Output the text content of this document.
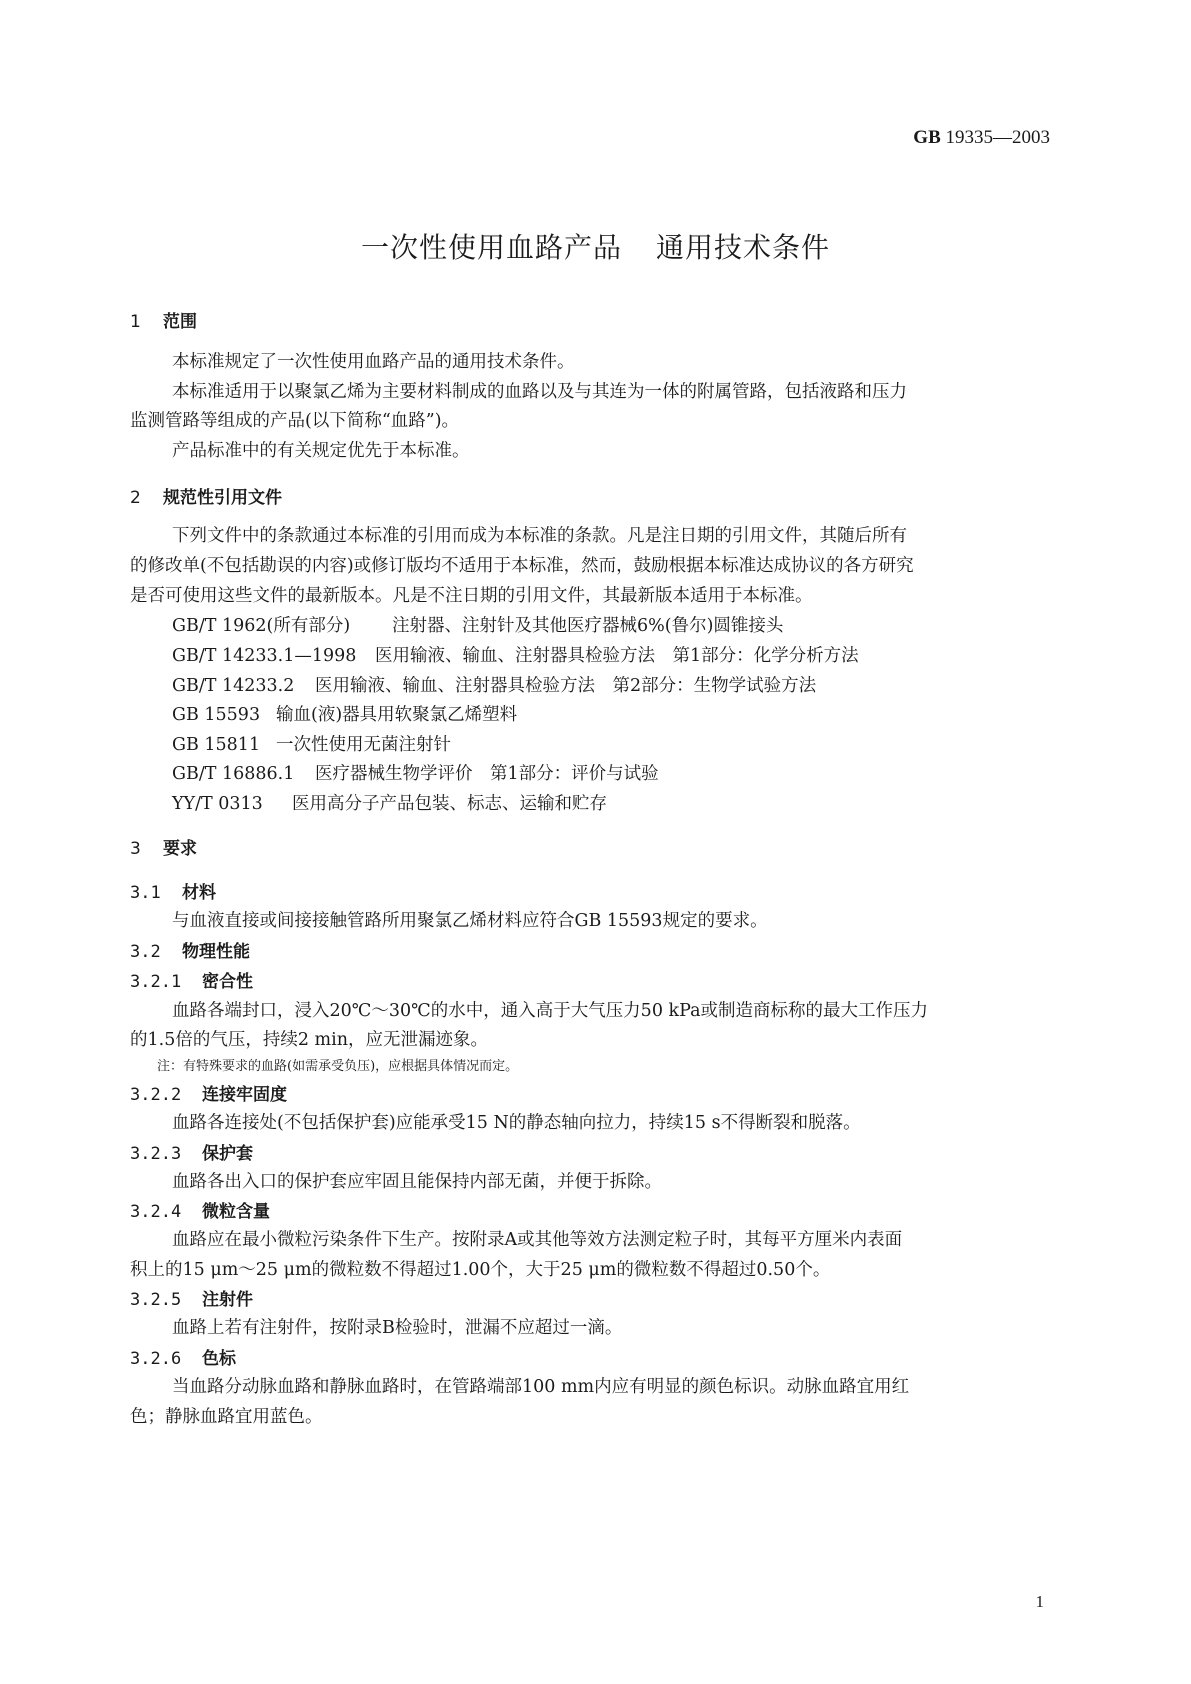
GB 19335—2003
一次性使用血路产品 通用技术条件
1 范围
本标准规定了一次性使用血路产品的通用技术条件。
本标准适用于以聚氯乙烯为主要材料制成的血路以及与其连为一体的附属管路，包括液路和压力
监测管路等组成的产品(以下简称“血路”)。
产品标准中的有关规定优先于本标准。
2 规范性引用文件
下列文件中的条款通过本标准的引用而成为本标准的条款。凡是注日期的引用文件，其随后所有
的修改单(不包括勘误的内容)或修订版均不适用于本标准，然而，鼓励根据本标准达成协议的各方研究
是否可使用这些文件的最新版本。凡是不注日期的引用文件，其最新版本适用于本标准。
GB/T 1962(所有部分) 注射器、注射针及其他医疗器械6%(鲁尔)圆锥接头
GB/T 14233.1—1998 医用输液、输血、注射器具检验方法　第1部分：化学分析方法
GB/T 14233.2 医用输液、输血、注射器具检验方法　第2部分：生物学试验方法
GB 15593 输血(液)器具用软聚氯乙烯塑料
GB 15811 一次性使用无菌注射针
GB/T 16886.1 医疗器械生物学评价　第1部分：评价与试验
YY/T 0313 医用高分子产品包装、标志、运输和贮存
3 要求
3.1 材料
与血液直接或间接接触管路所用聚氯乙烯材料应符合GB 15593规定的要求。
3.2 物理性能
3.2.1 密合性
血路各端封口，浸入20℃～30℃的水中，通入高于大气压力50 kPa或制造商标称的最大工作压力
的1.5倍的气压，持续2 min，应无泄漏迹象。
注：有特殊要求的血路(如需承受负压)，应根据具体情况而定。
3.2.2 连接牢固度
血路各连接处(不包括保护套)应能承受15 N的静态轴向拉力，持续15 s不得断裂和脱落。
3.2.3 保护套
血路各出入口的保护套应牢固且能保持内部无菌，并便于拆除。
3.2.4 微粒含量
血路应在最小微粒污染条件下生产。按附录A或其他等效方法测定粒子时，其每平方厘米内表面
积上的15 μm～25 μm的微粒数不得超过1.00个，大于25 μm的微粒数不得超过0.50个。
3.2.5 注射件
血路上若有注射件，按附录B检验时，泄漏不应超过一滴。
3.2.6 色标
当血路分动脉血路和静脉血路时，在管路端部100 mm内应有明显的颜色标识。动脉血路宜用红
色；静脉血路宜用蓝色。
1
